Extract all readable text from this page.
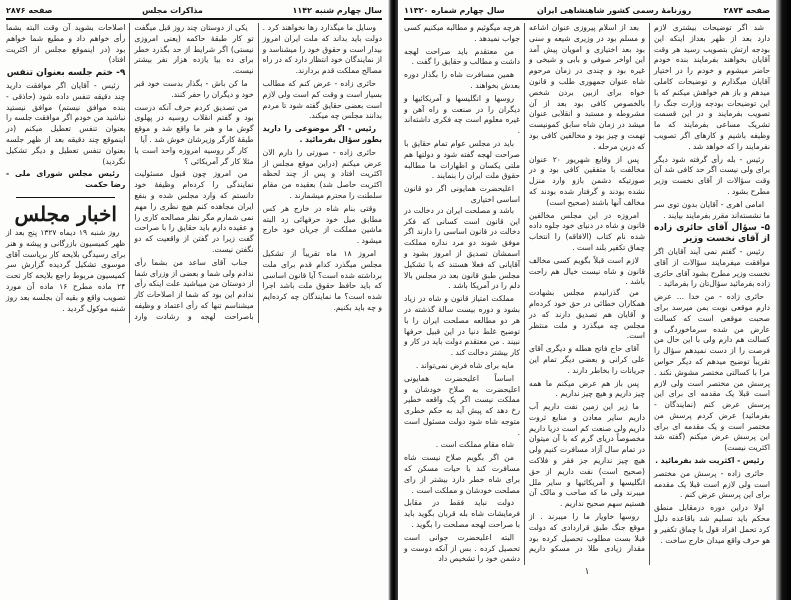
سال چهارم شنبه ۱۱۴۲
مذاکرات مجلس
صفحه ۲۸۷۶

وسایل ما میگذارد رها نخواهند کرد . دولت باید بداند که ملت ایران امروز بیدار است و حقوق خود را میشناسد و از نمایندگان خود انتظار دارد که در راه مصالح مملکت قدم بردارند.

حائری زاده - عرض کنم که مطالب بسیار است و وقت کم است ولی لازم است بعضی حقایق گفته شود تا مردم بدانند مجلس چه میکند.

رئیس - اگر موضوعی را دارید بطور سؤال بفرمائید .

حائری زاده - صورتی را دارم الان عرض میکنم (دراین موقع مجلس از اکثریت افتاد و پس از چند لحظه اکثریت حاصل شد) بعقیده من مقام سلطنت را محترم میشمارند .

وقتی بنام شاه در خارج هر کس مطابق میل خود حرفهائی زد البته ماشین مملکت از جریان خود خارج میشود .

امروز ۱۸ ماه تقریباً از تشکیل مجلس میگذرد کدام قدم برای ملت برداشته شده است؟ آیا قانون اساسی که باید حافظ حقوق ملت باشد اجرا شده است؟ ما نمایندگان چه کرده‌ایم و چه باید بکنیم.

یکی از دوستان چند روز قبل میگفت تو کار طبقهٔ حاکمه (یعنی امروزی نیستی) اگر شرایط از حد بگذرد خطر برای ده بیا یازده هزار نفر بیشتر نیست.

ما کن باش - بگذار بدست خود قبر خود و دیگران را حفر کنند.

من تصدیق کردم حرف آنکه درست بود و گفتم انقلاب روسیه در پهلوی گوش ما و هنر ما واقع شد و موقع طبقهٔ کارگر وزیرشان خوش شد . آیا

کار گر روسیه امروزه واحد است یا مثلا کار گر آمریکائی ؟

من امروز چون قبول مسئولیت نمایندگی را کرده‌ام وظیفهٔ خود دانستم که وارد مجلس شده و بنفع ایران مجاهده کنم هیچ نظری را مهم نمی شمارم مگر نظر مصالحه کاری را و عقیده دارم باید حقایق را با صراحت گفت زیرا در گفتن از واقعیت که دو نگفتن نیست.

جناب آقای ساعد من بشما رأی ندادم ولی شما و بعضی از وزرای شما از دوستان من میباشید علت اینکه رأی ندادم این بود که شما از اصلاحات کار میشناسم تنها که رأی اعتماد و وظیفه باصراحت لهجه و رشادت وارد اصلاحات بشوید آن وقت البته بشما رأی خواهم داد و مطیع شما خواهم بود (در اینموقع مجلس از اکثریت افتاد)

۹- ختم جلسه بعنوان تنفس

رئیس - آقایان اگر موافقت دارید چند دقیقه تنفس داده شود (حاذقی - بنده موافق نیستم) موافق نیستید نباشید من خودم اگر موافقت جلسه را بعنوان تنفس تعطیل میکنم (در اینموقع چند دقیقه بعد از ظهر جلسه بعنوان تنفس تعطیل و دیگر تشکیل نگردید)

رئیس مجلس شورای ملی - رضا حکمت

اخبار مجلس

روز شنبه ۱۹ دیماه ۱۳۲۷ پنج بعد از ظهر کمیسیون بازرگانی و پیشه و هنر برای رسیدگی بلایحه کار بریاست آقای موسوی تشکیل گردیده گزارش سر کمیسیون مربوط راجع بلایحه کار تحت ۲۴ ماده مطرح ۱۶ ماده آن مورد تصویب واقع و بقیه آن بجلسه بعد روز شنبه موکول گردید .

صفحه ۲۸۷۴
روزنامهٔ رسمی کشور شاهنشاهی ایران
سال چهارم شماره ۱۱۳۲۰

شد اگر توضیحات بیشتری لازم دارد بعد از ظهر بعداز اینکه این بودجه ارتش بتصویب رسید هر وقت آقایان بخواهند بفرمایند بنده خودم حاضر میشوم و خودم را در اختیار آقایان میگذارم و توضیحات کاملی میدهم و باز هم خواهش میکنم که با این توضیحات بودجه وزارت جنگ را تصویب بفرمایند و در این قسمت تشریک مساعی بفرمایند که ما وظیفه باشیم و کارهای اگر تصویب نفرمایند را که خواهد شد .

رئیس - بله رأی گرفته شود دیگر برای ولی نیست اگر حد کافی شد آن وقت سؤالات از آقای نخست وزیر مطرح بشود .

امامی اهری - آقایان بدون توی سر ما نشسته‌اند مقرر بفرمایند بیایند .

۵- سؤال آقای حائری زاده از آقای نخست وزیر

رئیس - گفتم نمی آیند آقایان اگر موافقت میفرمایند سؤالات از آقای نخست وزیر مطرح بشود آقای حائری زاده بفرمائید سؤال‌تان را بفرمائید .

حائری زاده - من خدا ... عرض دارم موقعی نوبت بمن میرسد برای صحبت موقعی است که کسالت عارض من شده سرماخوردگی و کسالت هم دارم ولی با این حال من فرصت را از دست نمیدهم سؤال را تقریباً توضیح میدهم که دیگر حواس مرا با کسالتی مختصر مشوش نکند . پرسش من مختصر است ولی لازم است قبلا یک مقدمه ای برای این پرسش عرض کنم (نمایندگان - بفرمائید) عرض کردم پرسش من مختصر است و یک مقدمه ای برای این پرسش عرض میکنم (گفته شد اکثریت نیست)

رئیس - اکثریت شد بفرمائید .

حائری زاده - پرسش من مختصر است ولی لازم است قبلا یک مقدمه برای این پرسش عرض کنم .

اولا دراین دوره درمقابل منطق محکم باید تسلیم شد باقاعده دلیل کرد تحمل افراد قول با چماق تکفیر و هو حرف واقع میدان خارج ساخت .

بعد از اسلام پیروزی عنوان اشاعه و مسلم بود در وزیری شیعه و سنی بود بعد اختیاری و امویان پیش آمد این اواخر صوفی و بابی و شیخی و غیره بود و چندی در زمان مرحوم شاه عنوان جمهوری طلب و قانون خواه برای ازبین بردن شخص بالخصوص کافی بود بعد از آن مشروطه و مستبد و انقلابی عنوان میشد در زمان شاه سابق کمونیست تهمت و چیز بود و مخالفین کافی بود که درین مرحله .

پس از وقایع شهریور ۲۰ عنوان مخالفت با متفقین کافی بود و در صورتیکه دشمن بازو وارد منزل نشده بودند و گرفتار شده بودند که مخالف آنها باشند (صحیح است)

امروزه در این مجلس مخالفین قانون و شاه در دنیای خود جلوه داده شده نام کتاب (الافاقه) را انتخاب چماق تکفیر بلند است .

لازم است قبلاً بگویم کسی مخالف قانون و شاه نیست خیال هم راحت باشد .

من گذرانیدم مجلس بشهادت همکاران خطائی در حق خود کرده‌ام و آقایان هم تصدیق دارند که در مجلس چه میگذرد و ملت منتظر است.

آقای حاج فاتح هطله و دیگری آقای علی کرانی و بعضی دیگر تمام این جریانات را بخاطر دارند .

پس باز هم عرض میکنم ما همه چیز داریم و هیچ چیز نداریم .

ما زیر این زمین نفت داریم آب داریم سایر معادن و منابع ثروت داریم ولی صنعت کم است دریا داریم مخصوصاً دریای گرم که با آن میتوان در تمام سال آزاد مسافرت کنیم ولی هیچ چیز نداریم جز فقر و فلاکت (صحیح است) نفت داریم از حق انگلیسها و آمریکائیها و سایر ملل میبرند ولی ما که صاحب و مالک آن هستیم سهم صحیح نداریم .

روسها خاویار ما را میبرند . از موقع جنگ طبق قراردادی که دولت قبلا بست مطلوب تحصیل کرده بود مقدار زیادی طلا در مسکو داریم هرچه میگوئیم و مطالبه میکنیم کسی جواب نمیدهد .

من معتقدم باید صراحت لهجه داشت و مطالب و حقایق را گفت .

همین مسافرت شاه را بگذار دوره بعدش بخواهند .

روسها و انگلیسها و آمریکائیها و دیگران را در صنعت و راه آهن و غیره معلوم است چه فکری داشته‌اند .

باید در مجلس عوام تمام حقایق با صراحت لهجه گفته شود و دولتها هم ملتی یکسان و اظهارات ما مطالبه حقوق ملت ایران را بنمایند .

اعلیحضرت همایونی اگر دو قانون اساسی اختیاری

باشد و مصلحت ایران در دخالت در این قانون است کسانی که فکر دخالت در قانون اساسی را دارند اگر موفق شوند دو مرد نداره مملکت اسمشان تصدیق از امروز بشود و آقایانی که فعلا هستند که با تشکیل مجلس طبق قانون بعد در مجلس بالا دلم را در آمریکا باشد .

مملکت امتیاز قانون و شاه در زیاد بشود و دوره بیست سالهٔ گذشته در هر دو مطالعه مصلحت ایران را با توضیح غلط دنیا در این قبیل حرفها نبیند . من معتقدم دولت باید در کار و کار بیشتر دخالت کند .

مایه برای شاه فرض نمی‌تواند .

اساساً اعلیحضرت همایونی اعلیحضرت به صلاح خودشان و مملکت نیست اگر یک واقعه خطیر رخ دهد که پیش آید به حکم خطری متوجه شاه شود دولت مسئول است .

شاه مقام مملکت است .

من اگر بگویم صلاح نیست شاه مسافرت کند با حیات مسکن که برای شاه خطر دارد بیشتر از رای مصلحت خودشان و مملکت است .

دولت نباید فقط در مقابل فرمایشات شاه بله قربان بگوید باید با صراحت لهجه مصلحت را بگوید .

البته اعلیحضرت جوانی است تحصیل کرده . بس از آنکه دوست و دشمن خود را تشخیص داد

۱
